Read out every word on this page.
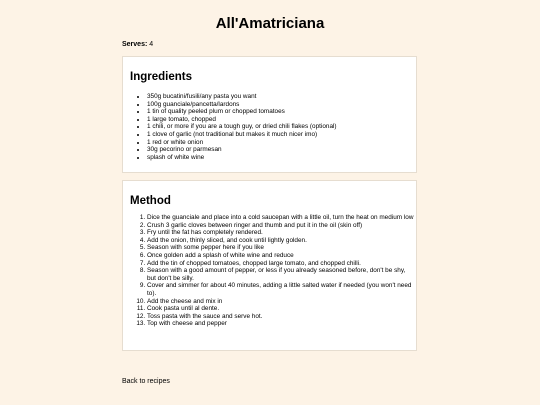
All'Amatriciana
Serves: 4
Ingredients
• 350g bucatini/fusili/any pasta you want
• 100g guanciale/pancetta/lardons
• 1 tin of quality peeled plum or chopped tomatoes
• 1 large tomato, chopped
• 1 chili, or more if you are a tough guy, or dried chili flakes (optional)
• 1 clove of garlic (not traditional but makes it much nicer imo)
• 1 red or white onion
• 30g pecorino or parmesan
• splash of white wine
Method
1. Dice the guanciale and place into a cold saucepan with a little oil, turn the heat on medium low
2. Crush 3 garlic cloves between ringer and thumb and put it in the oil (skin off)
3. Fry until the fat has completely rendered.
4. Add the onion, thinly sliced, and cook until lightly golden.
5. Season with some pepper here if you like
6. Once golden add a splash of white wine and reduce
7. Add the tin of chopped tomatoes, chopped large tomato, and chopped chilli.
8. Season with a good amount of pepper, or less if you already seasoned before, don't be shy, but don't be silly.
9. Cover and simmer for about 40 minutes, adding a little salted water if needed (you won't need to).
10. Add the cheese and mix in
11. Cook pasta until al dente.
12. Toss pasta with the sauce and serve hot.
13. Top with cheese and pepper
Back to recipes
